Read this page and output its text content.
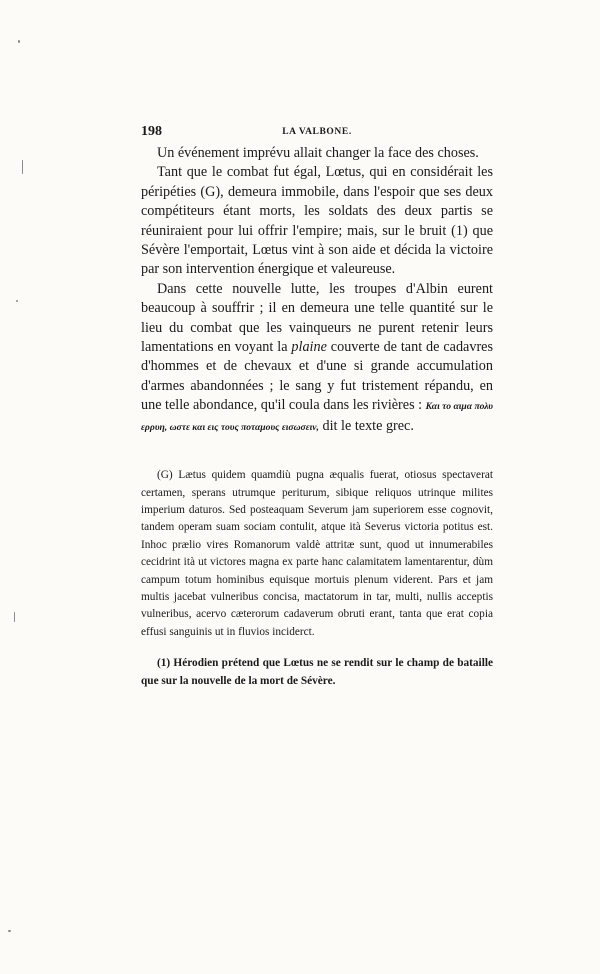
198	LA VALBONE.

Un événement imprévu allait changer la face des choses.

Tant que le combat fut égal, Lœtus, qui en considérait les péripéties (G), demeura immobile, dans l'espoir que ses deux compétiteurs étant morts, les soldats des deux partis se réuniraient pour lui offrir l'empire; mais, sur le bruit (1) que Sévère l'emportait, Lœtus vint à son aide et décida la victoire par son intervention énergique et valeureuse.

Dans cette nouvelle lutte, les troupes d'Albin eurent beaucoup à souffrir ; il en demeura une telle quantité sur le lieu du combat que les vainqueurs ne purent retenir leurs lamentations en voyant la plaine couverte de tant de cadavres d'hommes et de chevaux et d'une si grande accumulation d'armes abandonnées ; le sang y fut tristement répandu, en une telle abondance, qu'il coula dans les rivières : Και το αιμα πολυ ερρυη, ωστε και εις τους ποταμους εισωσειν, dit le texte grec.

(G) Lætus quidem quamdiù pugna æqualis fuerat, otiosus spectaverat certamen, sperans utrumque periturum, sibique reliquos utrinque milites imperium daturos. Sed posteaquam Severum jam superiorem esse cognovit, tandem operam suam sociam contulit, atque ità Severus victoria potitus est. Inhoc prælio vires Romanorum valdè attritæ sunt, quod ut innumerabiles cecidrint ità ut victores magna ex parte hanc calamitatem lamentarentur, dùm campum totum hominibus equisque mortuis plenum viderent. Pars et jam multis jacebat vulneribus concisa, mactatorum in tar, multi, nullis acceptis vulneribus, acervo cæterorum cadaverum obruti erant, tanta que erat copia effusi sanguinis ut in fluvios inciderct.

(1) Hérodien prétend que Lœtus ne se rendit sur le champ de bataille que sur la nouvelle de la mort de Sévère.
